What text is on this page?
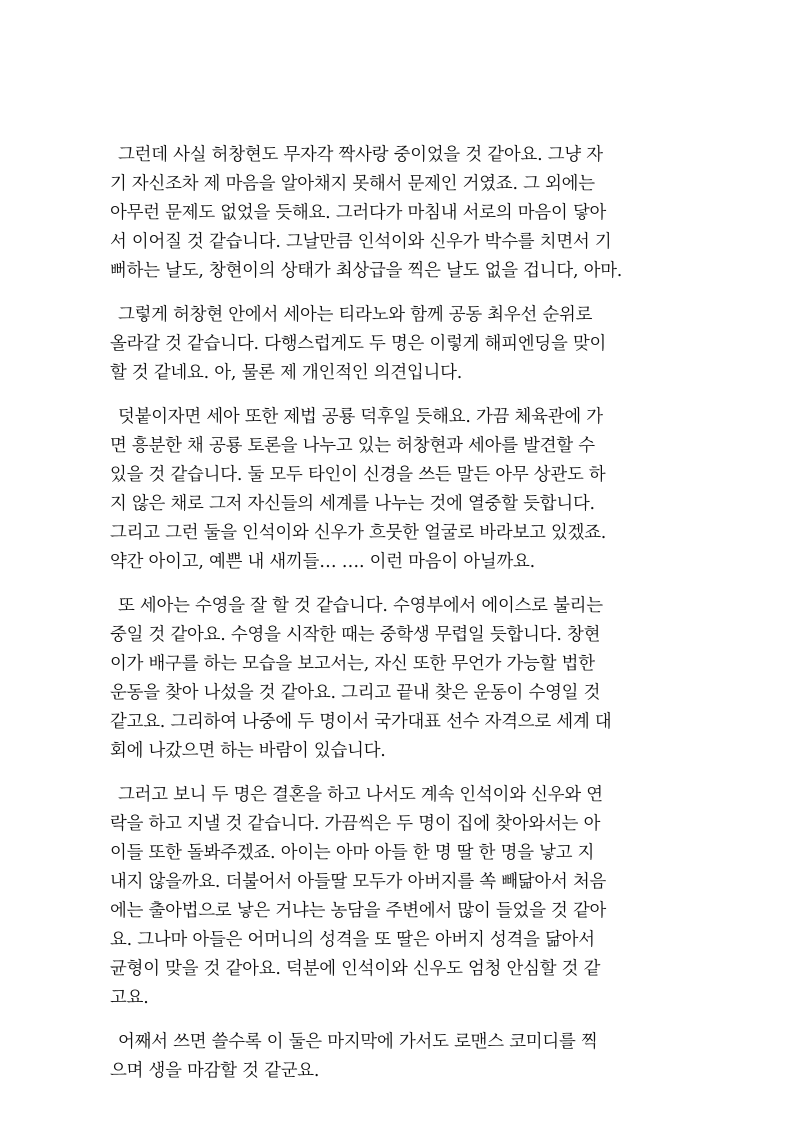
그런데 사실 허창현도 무자각 짝사랑 중이었을 것 같아요. 그냥 자
기 자신조차 제 마음을 알아채지 못해서 문제인 거였죠. 그 외에는
아무런 문제도 없었을 듯해요. 그러다가 마침내 서로의 마음이 닿아
서 이어질 것 같습니다. 그날만큼 인석이와 신우가 박수를 치면서 기
뻐하는 날도, 창현이의 상태가 최상급을 찍은 날도 없을 겁니다, 아마.

그렇게 허창현 안에서 세아는 티라노와 함께 공동 최우선 순위로
올라갈 것 같습니다. 다행스럽게도 두 명은 이렇게 해피엔딩을 맞이
할 것 같네요. 아, 물론 제 개인적인 의견입니다.

덧붙이자면 세아 또한 제법 공룡 덕후일 듯해요. 가끔 체육관에 가
면 흥분한 채 공룡 토론을 나누고 있는 허창현과 세아를 발견할 수
있을 것 같습니다. 둘 모두 타인이 신경을 쓰든 말든 아무 상관도 하
지 않은 채로 그저 자신들의 세계를 나누는 것에 열중할 듯합니다.
그리고 그런 둘을 인석이와 신우가 흐뭇한 얼굴로 바라보고 있겠죠.
약간 아이고, 예쁜 내 새끼들… …. 이런 마음이 아닐까요.

또 세아는 수영을 잘 할 것 같습니다. 수영부에서 에이스로 불리는
중일 것 같아요. 수영을 시작한 때는 중학생 무렵일 듯합니다. 창현
이가 배구를 하는 모습을 보고서는, 자신 또한 무언가 가능할 법한
운동을 찾아 나섰을 것 같아요. 그리고 끝내 찾은 운동이 수영일 것
같고요. 그리하여 나중에 두 명이서 국가대표 선수 자격으로 세계 대
회에 나갔으면 하는 바람이 있습니다.

그러고 보니 두 명은 결혼을 하고 나서도 계속 인석이와 신우와 연
락을 하고 지낼 것 같습니다. 가끔씩은 두 명이 집에 찾아와서는 아
이들 또한 돌봐주겠죠. 아이는 아마 아들 한 명 딸 한 명을 낳고 지
내지 않을까요. 더불어서 아들딸 모두가 아버지를 쏙 빼닮아서 처음
에는 출아법으로 낳은 거냐는 농담을 주변에서 많이 들었을 것 같아
요. 그나마 아들은 어머니의 성격을 또 딸은 아버지 성격을 닮아서
균형이 맞을 것 같아요. 덕분에 인석이와 신우도 엄청 안심할 것 같
고요.

어째서 쓰면 쓸수록 이 둘은 마지막에 가서도 로맨스 코미디를 찍
으며 생을 마감할 것 같군요.
